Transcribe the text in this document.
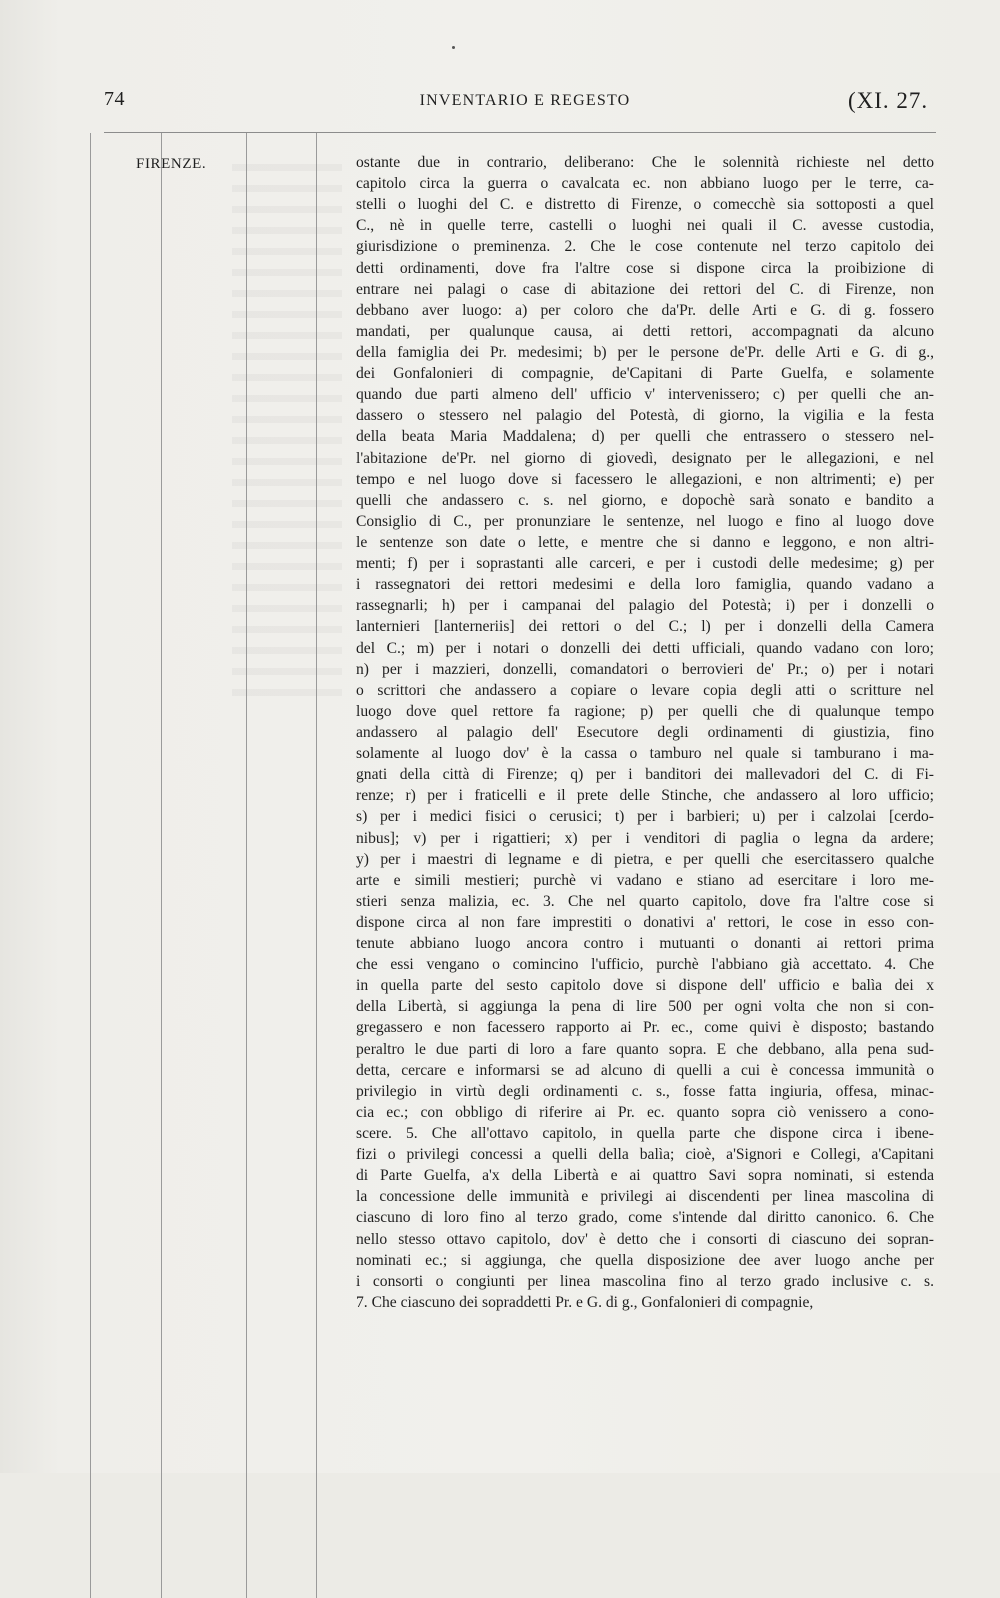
74	INVENTARIO E REGESTO	(XI. 27.
FIRENZE.	ostante due in contrario, deliberano: Che le solennità richieste nel detto
capitolo circa la guerra o cavalcata ec. non abbiano luogo per le terre, ca-
stelli o luoghi del C. e distretto di Firenze, o comecchè sia sottoposti a quel
C., nè in quelle terre, castelli o luoghi nei quali il C. avesse custodia,
giurisdizione o preminenza. 2. Che le cose contenute nel terzo capitolo dei
detti ordinamenti, dove fra l'altre cose si dispone circa la proibizione di
entrare nei palagi o case di abitazione dei rettori del C. di Firenze, non
debbano aver luogo: a) per coloro che da'Pr. delle Arti e G. di g. fossero
mandati, per qualunque causa, ai detti rettori, accompagnati da alcuno
della famiglia dei Pr. medesimi; b) per le persone de'Pr. delle Arti e G. di g.,
dei Gonfalonieri di compagnie, de'Capitani di Parte Guelfa, e solamente
quando due parti almeno dell' ufficio v' intervenissero; c) per quelli che an-
dassero o stessero nel palagio del Potestà, di giorno, la vigilia e la festa
della beata Maria Maddalena; d) per quelli che entrassero o stessero nel-
l'abitazione de'Pr. nel giorno di giovedì, designato per le allegazioni, e nel
tempo e nel luogo dove si facessero le allegazioni, e non altrimenti; e) per
quelli che andassero c. s. nel giorno, e dopochè sarà sonato e bandito a
Consiglio di C., per pronunziare le sentenze, nel luogo e fino al luogo dove
le sentenze son date o lette, e mentre che si danno e leggono, e non altri-
menti; f) per i soprastanti alle carceri, e per i custodi delle medesime; g) per
i rassegnatori dei rettori medesimi e della loro famiglia, quando vadano a
rassegnarli; h) per i campanai del palagio del Potestà; i) per i donzelli o
lanternieri [lanterneriis] dei rettori o del C.; l) per i donzelli della Camera
del C.; m) per i notari o donzelli dei detti ufficiali, quando vadano con loro;
n) per i mazzieri, donzelli, comandatori o berrovieri de' Pr.; o) per i notari
o scrittori che andassero a copiare o levare copia degli atti o scritture nel
luogo dove quel rettore fa ragione; p) per quelli che di qualunque tempo
andassero al palagio dell' Esecutore degli ordinamenti di giustizia, fino
solamente al luogo dov' è la cassa o tamburo nel quale si tamburano i ma-
gnati della città di Firenze; q) per i banditori dei mallevadori del C. di Fi-
renze; r) per i fraticelli e il prete delle Stinche, che andassero al loro ufficio;
s) per i medici fisici o cerusici; t) per i barbieri; u) per i calzolai [cerdo-
nibus]; v) per i rigattieri; x) per i venditori di paglia o legna da ardere;
y) per i maestri di legname e di pietra, e per quelli che esercitassero qualche
arte e simili mestieri; purchè vi vadano e stiano ad esercitare i loro me-
stieri senza malizia, ec. 3. Che nel quarto capitolo, dove fra l'altre cose si
dispone circa al non fare imprestiti o donativi a' rettori, le cose in esso con-
tenute abbiano luogo ancora contro i mutuanti o donanti ai rettori prima
che essi vengano o comincino l'ufficio, purchè l'abbiano già accettato. 4. Che
in quella parte del sesto capitolo dove si dispone dell' ufficio e balìa dei x
della Libertà, si aggiunga la pena di lire 500 per ogni volta che non si con-
gregassero e non facessero rapporto ai Pr. ec., come quivi è disposto; bastando
peraltro le due parti di loro a fare quanto sopra. E che debbano, alla pena sud-
detta, cercare e informarsi se ad alcuno di quelli a cui è concessa immunità o
privilegio in virtù degli ordinamenti c. s., fosse fatta ingiuria, offesa, minac-
cia ec.; con obbligo di riferire ai Pr. ec. quanto sopra ciò venissero a cono-
scere. 5. Che all'ottavo capitolo, in quella parte che dispone circa i ibene-
fizi o privilegi concessi a quelli della balìa; cioè, a'Signori e Collegi, a'Capitani
di Parte Guelfa, a'x della Libertà e ai quattro Savi sopra nominati, si estenda
la concessione delle immunità e privilegi ai discendenti per linea mascolina di
ciascuno di loro fino al terzo grado, come s'intende dal diritto canonico. 6. Che
nello stesso ottavo capitolo, dov' è detto che i consorti di ciascuno dei sopran-
nominati ec.; si aggiunga, che quella disposizione dee aver luogo anche per
i consorti o congiunti per linea mascolina fino al terzo grado inclusive c. s.
7. Che ciascuno dei sopraddetti Pr. e G. di g., Gonfalonieri di compagnie,
